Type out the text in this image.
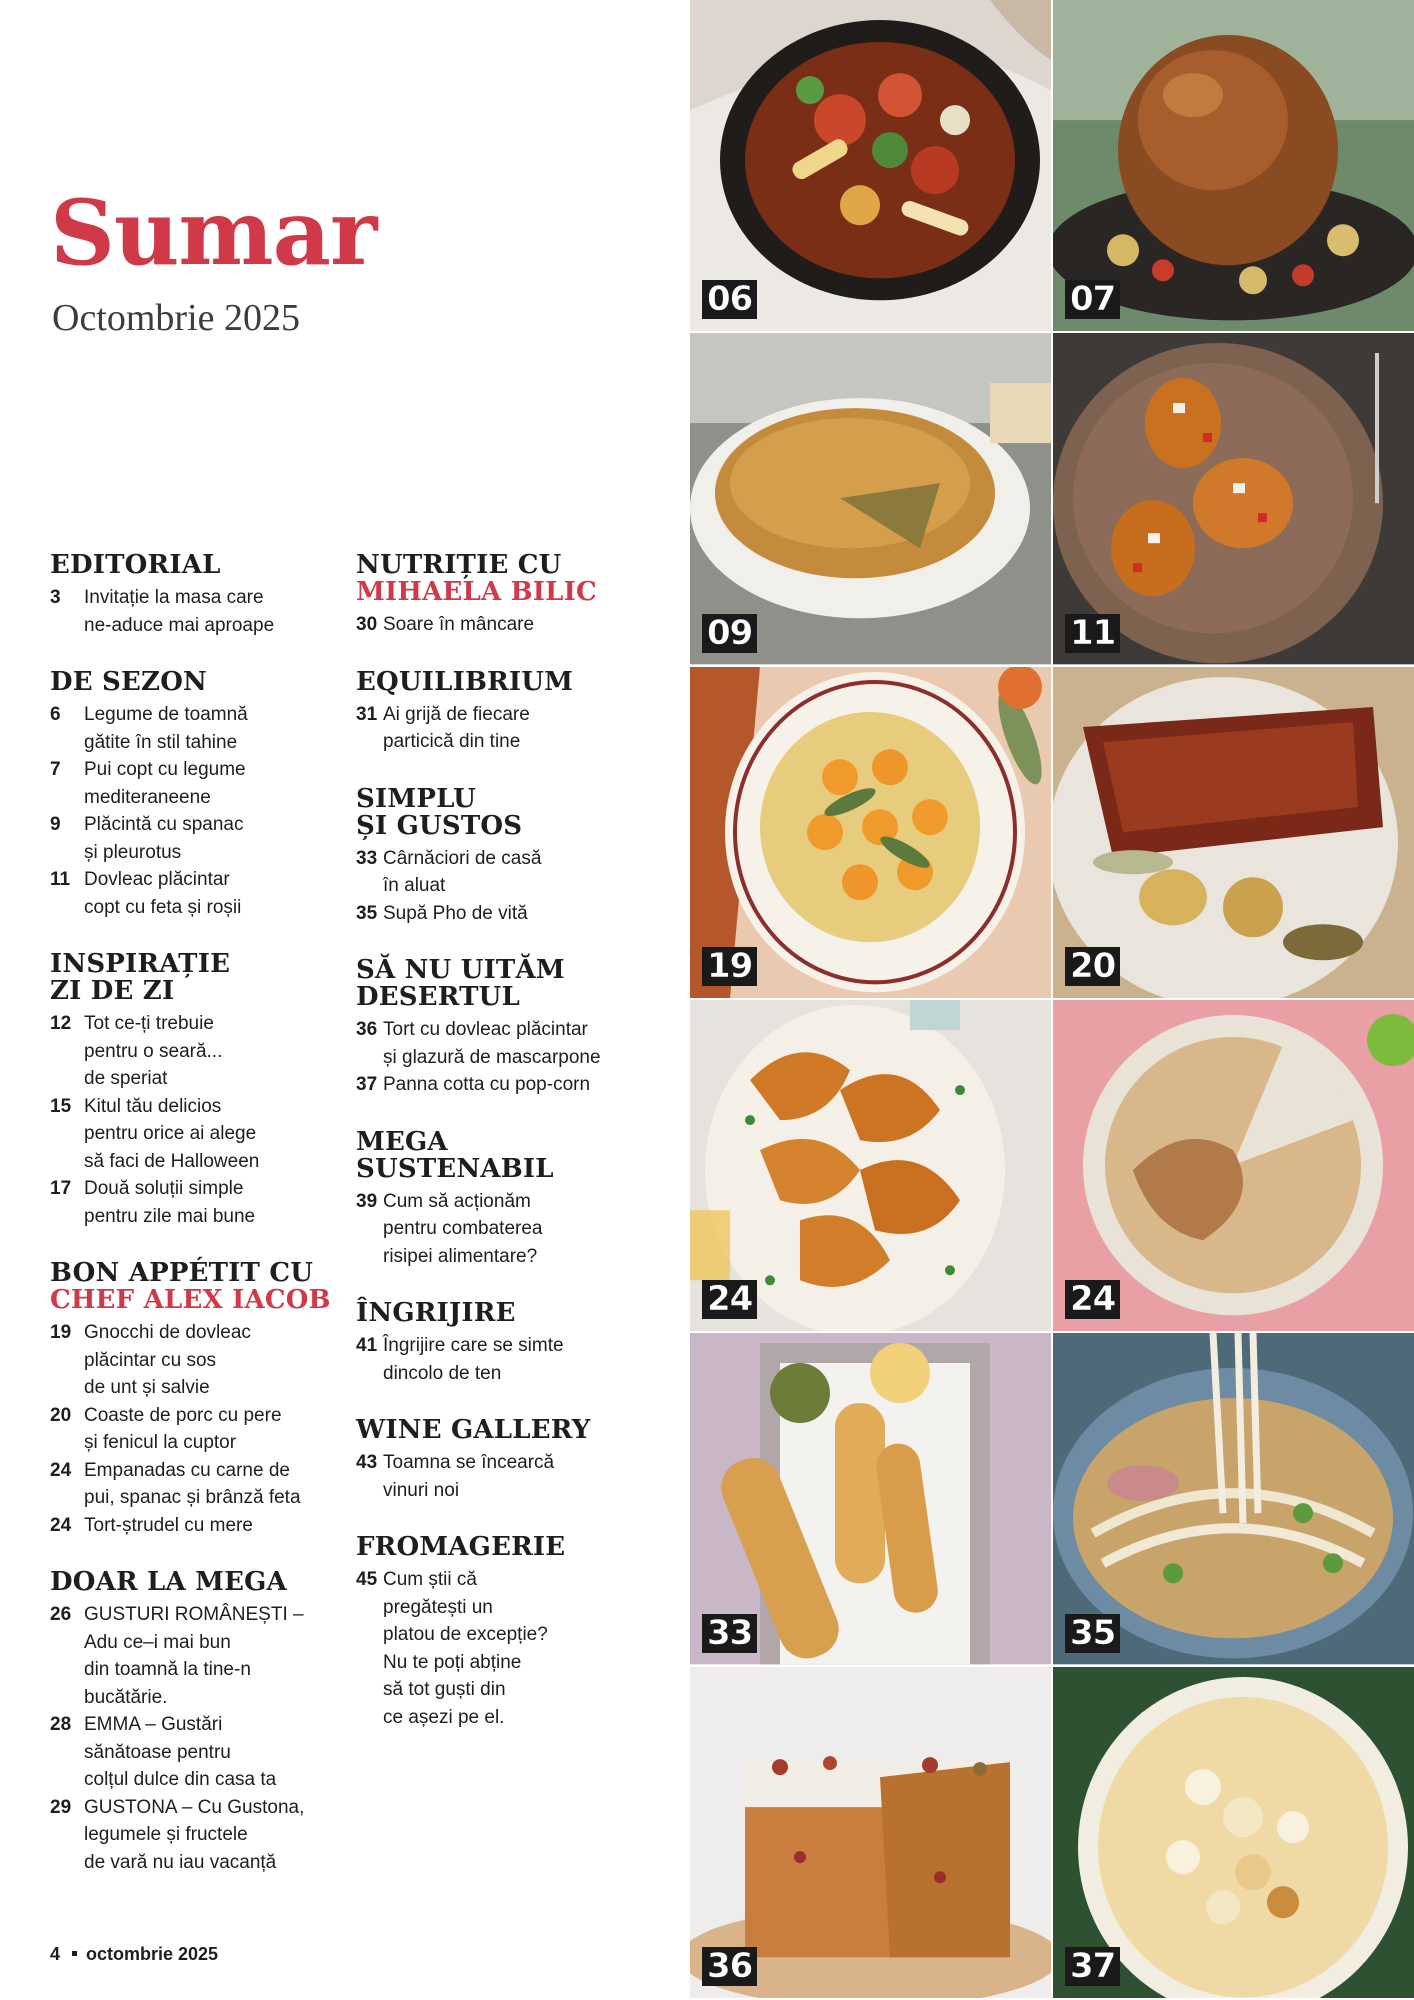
Sumar
Octombrie 2025
EDITORIAL
3	Invitație la masa care
ne-aduce mai aproape
DE SEZON
6	Legume de toamnă
gătite în stil tahine
7	Pui copt cu legume
mediteraneene
9	Plăcintă cu spanac
și pleurotus
11 Dovleac plăcintar
copt cu feta și roșii
INSPIRAȚIE
ZI DE ZI
12 Tot ce-ți trebuie
pentru o seară...
de speriat
15 Kitul tău delicios
pentru orice ai alege
să faci de Halloween
17 Două soluții simple
pentru zile mai bune
BON APPÉTIT CU
CHEF ALEX IACOB
19 Gnocchi de dovleac
plăcintar cu sos
de unt și salvie
20 Coaste de porc cu pere
și fenicul la cuptor
24 Empanadas cu carne de
pui, spanac și brânză feta
24 Tort-ștrudel cu mere
DOAR LA MEGA
26 GUSTURI ROMÂNEȘTI –
Adu ce–i mai bun
din toamnă la tine-n
bucătărie.
28 EMMA – Gustări
sănătoase pentru
colțul dulce din casa ta
29 GUSTONA – Cu Gustona,
legumele și fructele
de vară nu iau vacanță
NUTRIȚIE CU
MIHAELA BILIC
30 Soare în mâncare
EQUILIBRIUM
31 Ai grijă de fiecare
particică din tine
SIMPLU
ȘI GUSTOS
33 Cârnăciori de casă
în aluat
35 Supă Pho de vită
SĂ NU UITĂM
DESERTUL
36 Tort cu dovleac plăcintar
și glazură de mascarpone
37 Panna cotta cu pop-corn
MEGA
SUSTENABIL
39 Cum să acționăm
pentru combaterea
risipei alimentare?
ÎNGRIJIRE
41 Îngrijire care se simte
dincolo de ten
WINE GALLERY
43 Toamna se încearcă
vinuri noi
FROMAGERIE
45 Cum știi că
pregătești un
platou de excepție?
Nu te poți abține
să tot guști din
ce așezi pe el.
06	07
09	11
19	20
24	24
33	35
36	37
4 octombrie 2025
